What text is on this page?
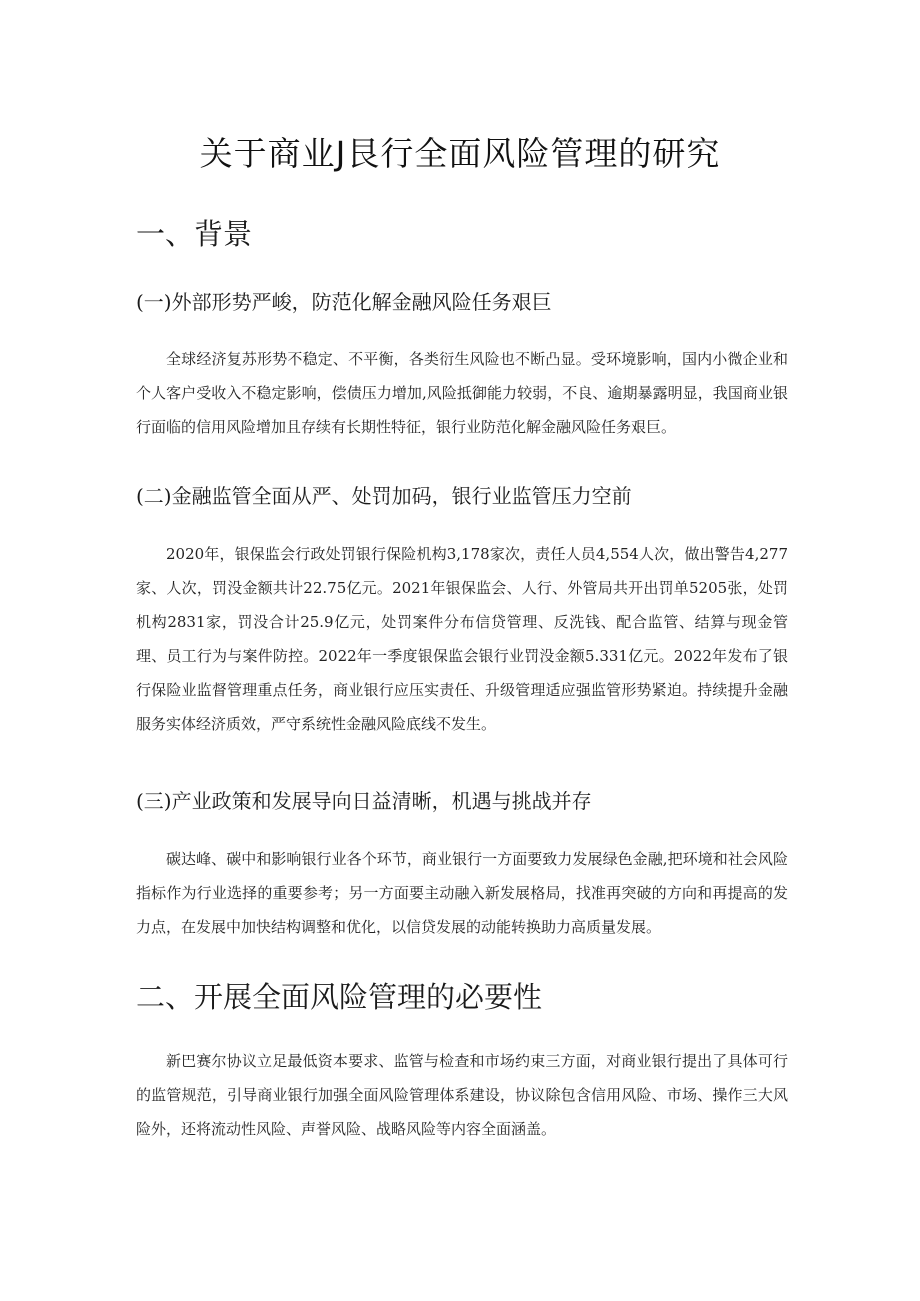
关于商业J艮行全面风险管理的研究
一、背景
(一)外部形势严峻，防范化解金融风险任务艰巨

全球经济复苏形势不稳定、不平衡，各类衍生风险也不断凸显。受环境影响，国内小微企业和个人客户受收入不稳定影响，偿债压力增加,风险抵御能力较弱，不良、逾期暴露明显，我国商业银行面临的信用风险增加且存续有长期性特征，银行业防范化解金融风险任务艰巨。

(二)金融监管全面从严、处罚加码，银行业监管压力空前

2020年，银保监会行政处罚银行保险机构3,178家次，责任人员4,554人次，做出警告4,277家、人次，罚没金额共计22.75亿元。2021年银保监会、人行、外管局共开出罚单5205张，处罚机构2831家，罚没合计25.9亿元，处罚案件分布信贷管理、反洗钱、配合监管、结算与现金管理、员工行为与案件防控。2022年一季度银保监会银行业罚没金额5.331亿元。2022年发布了银行保险业监督管理重点任务，商业银行应压实责任、升级管理适应强监管形势紧迫。持续提升金融服务实体经济质效，严守系统性金融风险底线不发生。

(三)产业政策和发展导向日益清晰，机遇与挑战并存

碳达峰、碳中和影响银行业各个环节，商业银行一方面要致力发展绿色金融,把环境和社会风险指标作为行业选择的重要参考；另一方面要主动融入新发展格局，找准再突破的方向和再提高的发力点，在发展中加快结构调整和优化，以信贷发展的动能转换助力高质量发展。

二、开展全面风险管理的必要性

新巴赛尔协议立足最低资本要求、监管与检查和市场约束三方面，对商业银行提出了具体可行的监管规范，引导商业银行加强全面风险管理体系建设，协议除包含信用风险、市场、操作三大风险外，还将流动性风险、声誉风险、战略风险等内容全面涵盖。
